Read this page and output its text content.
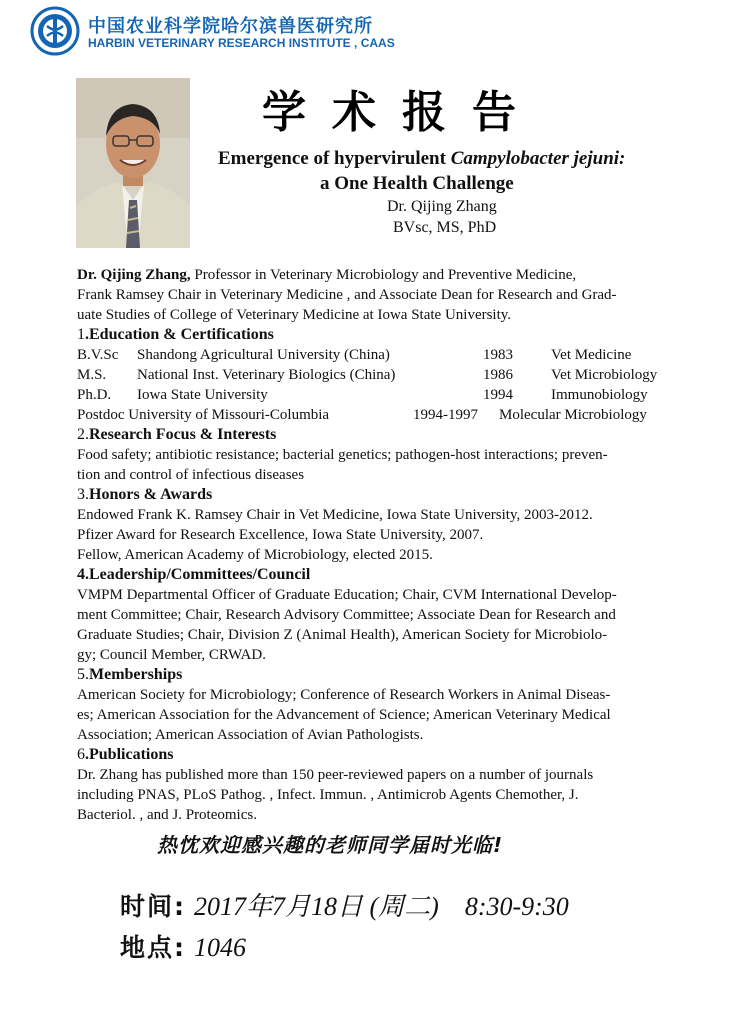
中国农业科学院哈尔滨兽医研究所
HARBIN VETERINARY RESEARCH INSTITUTE , CAAS
学术报告
Emergence of hypervirulent Campylobacter jejuni:
a One Health Challenge
Dr. Qijing Zhang
BVsc, MS, PhD

Dr. Qijing Zhang, Professor in Veterinary Microbiology and Preventive Medicine,

Frank Ramsey Chair in Veterinary Medicine , and Associate Dean for Research and Grad-

uate Studies of College of Veterinary Medicine at Iowa State University.

1.Education & Certifications

B.V.Sc	Shandong Agricultural University (China)	1983	Vet Medicine
M.S.	National Inst. Veterinary Biologics (China)	1986	Vet Microbiology
Ph.D.	Iowa State University	1994	Immunobiology
Postdoc University of Missouri-Columbia	1994-1997	Molecular Microbiology

2.Research Focus & Interests

Food safety; antibiotic resistance; bacterial genetics; pathogen-host interactions; preven-

tion and control of infectious diseases

3.Honors & Awards

Endowed Frank K. Ramsey Chair in Vet Medicine, Iowa State University, 2003-2012.

Pfizer Award for Research Excellence, Iowa State University, 2007.

Fellow, American Academy of Microbiology, elected 2015.

4.Leadership/Committees/Council

VMPM Departmental Officer of Graduate Education; Chair, CVM International Develop-

ment Committee; Chair, Research Advisory Committee; Associate Dean for Research and

Graduate Studies; Chair, Division Z (Animal Health), American Society for Microbiolo-

gy; Council Member, CRWAD.

5.Memberships

American Society for Microbiology; Conference of Research Workers in Animal Diseas-

es; American Association for the Advancement of Science; American Veterinary Medical

Association; American Association of Avian Pathologists.

6.Publications

Dr. Zhang has published more than 150 peer-reviewed papers on a number of journals

including PNAS, PLoS Pathog. , Infect. Immun. , Antimicrob Agents Chemother, J.

Bacteriol. , and J. Proteomics.

热忱欢迎感兴趣的老师同学届时光临!
时间: 2017年7月18日 (周二) 8:30-9:30
地点: 1046
